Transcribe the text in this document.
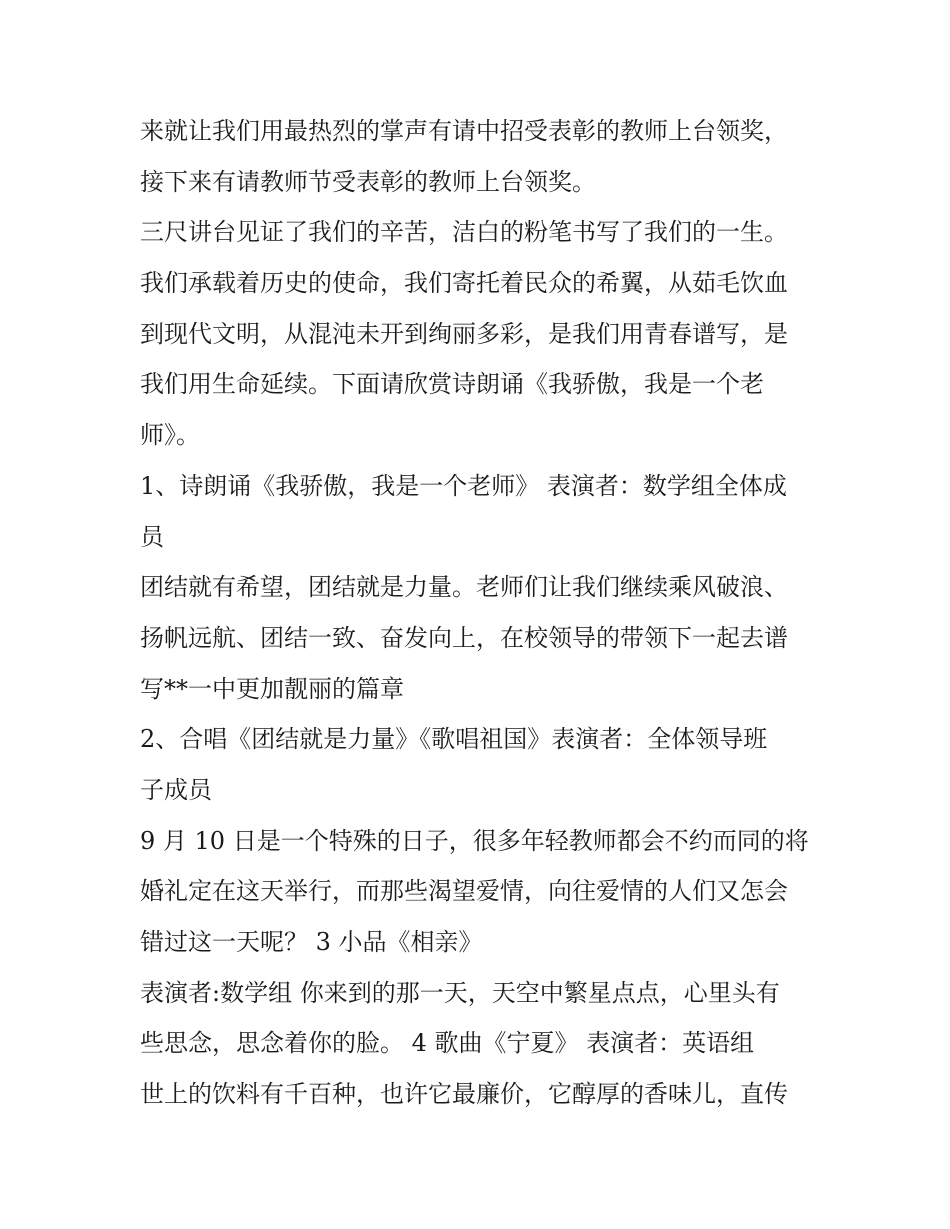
来就让我们用最热烈的掌声有请中招受表彰的教师上台领奖，
接下来有请教师节受表彰的教师上台领奖。
三尺讲台见证了我们的辛苦，洁白的粉笔书写了我们的一生。
我们承载着历史的使命，我们寄托着民众的希翼，从茹毛饮血
到现代文明，从混沌未开到绚丽多彩，是我们用青春谱写，是
我们用生命延续。下面请欣赏诗朗诵《我骄傲，我是一个老
师》。
1、诗朗诵《我骄傲，我是一个老师》 表演者：数学组全体成
员
团结就有希望，团结就是力量。老师们让我们继续乘风破浪、
扬帆远航、团结一致、奋发向上，在校领导的带领下一起去谱
写**一中更加靓丽的篇章
2、合唱《团结就是力量》《歌唱祖国》表演者：全体领导班
子成员
9 月 10 日是一个特殊的日子，很多年轻教师都会不约而同的将
婚礼定在这天举行，而那些渴望爱情，向往爱情的人们又怎会
错过这一天呢？ 3 小品《相亲》
表演者:数学组 你来到的那一天，天空中繁星点点，心里头有
些思念，思念着你的脸。 4 歌曲《宁夏》 表演者：英语组
世上的饮料有千百种，也许它最廉价，它醇厚的香味儿，直传
